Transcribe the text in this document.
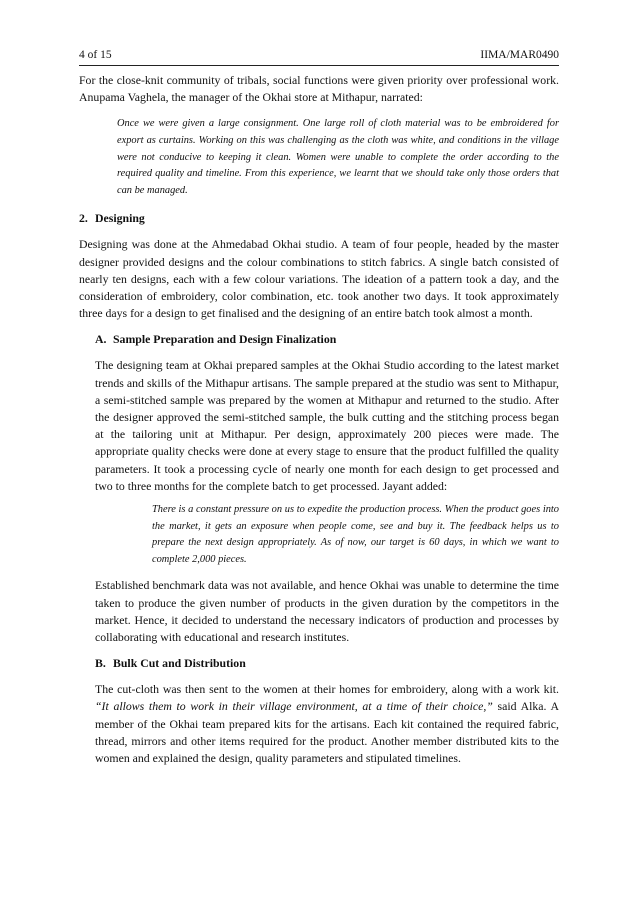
4 of 15	IIMA/MAR0490

For the close-knit community of tribals, social functions were given priority over professional work. Anupama Vaghela, the manager of the Okhai store at Mithapur, narrated:

Once we were given a large consignment. One large roll of cloth material was to be embroidered for export as curtains. Working on this was challenging as the cloth was white, and conditions in the village were not conducive to keeping it clean. Women were unable to complete the order according to the required quality and timeline. From this experience, we learnt that we should take only those orders that can be managed.

2. Designing

Designing was done at the Ahmedabad Okhai studio. A team of four people, headed by the master designer provided designs and the colour combinations to stitch fabrics. A single batch consisted of nearly ten designs, each with a few colour variations. The ideation of a pattern took a day, and the consideration of embroidery, color combination, etc. took another two days. It took approximately three days for a design to get finalised and the designing of an entire batch took almost a month.

A. Sample Preparation and Design Finalization

The designing team at Okhai prepared samples at the Okhai Studio according to the latest market trends and skills of the Mithapur artisans. The sample prepared at the studio was sent to Mithapur, a semi-stitched sample was prepared by the women at Mithapur and returned to the studio. After the designer approved the semi-stitched sample, the bulk cutting and the stitching process began at the tailoring unit at Mithapur. Per design, approximately 200 pieces were made. The appropriate quality checks were done at every stage to ensure that the product fulfilled the quality parameters. It took a processing cycle of nearly one month for each design to get processed and two to three months for the complete batch to get processed. Jayant added:

There is a constant pressure on us to expedite the production process. When the product goes into the market, it gets an exposure when people come, see and buy it. The feedback helps us to prepare the next design appropriately. As of now, our target is 60 days, in which we want to complete 2,000 pieces.

Established benchmark data was not available, and hence Okhai was unable to determine the time taken to produce the given number of products in the given duration by the competitors in the market. Hence, it decided to understand the necessary indicators of production and processes by collaborating with educational and research institutes.

B. Bulk Cut and Distribution

The cut-cloth was then sent to the women at their homes for embroidery, along with a work kit. “It allows them to work in their village environment, at a time of their choice,” said Alka. A member of the Okhai team prepared kits for the artisans. Each kit contained the required fabric, thread, mirrors and other items required for the product. Another member distributed kits to the women and explained the design, quality parameters and stipulated timelines.
